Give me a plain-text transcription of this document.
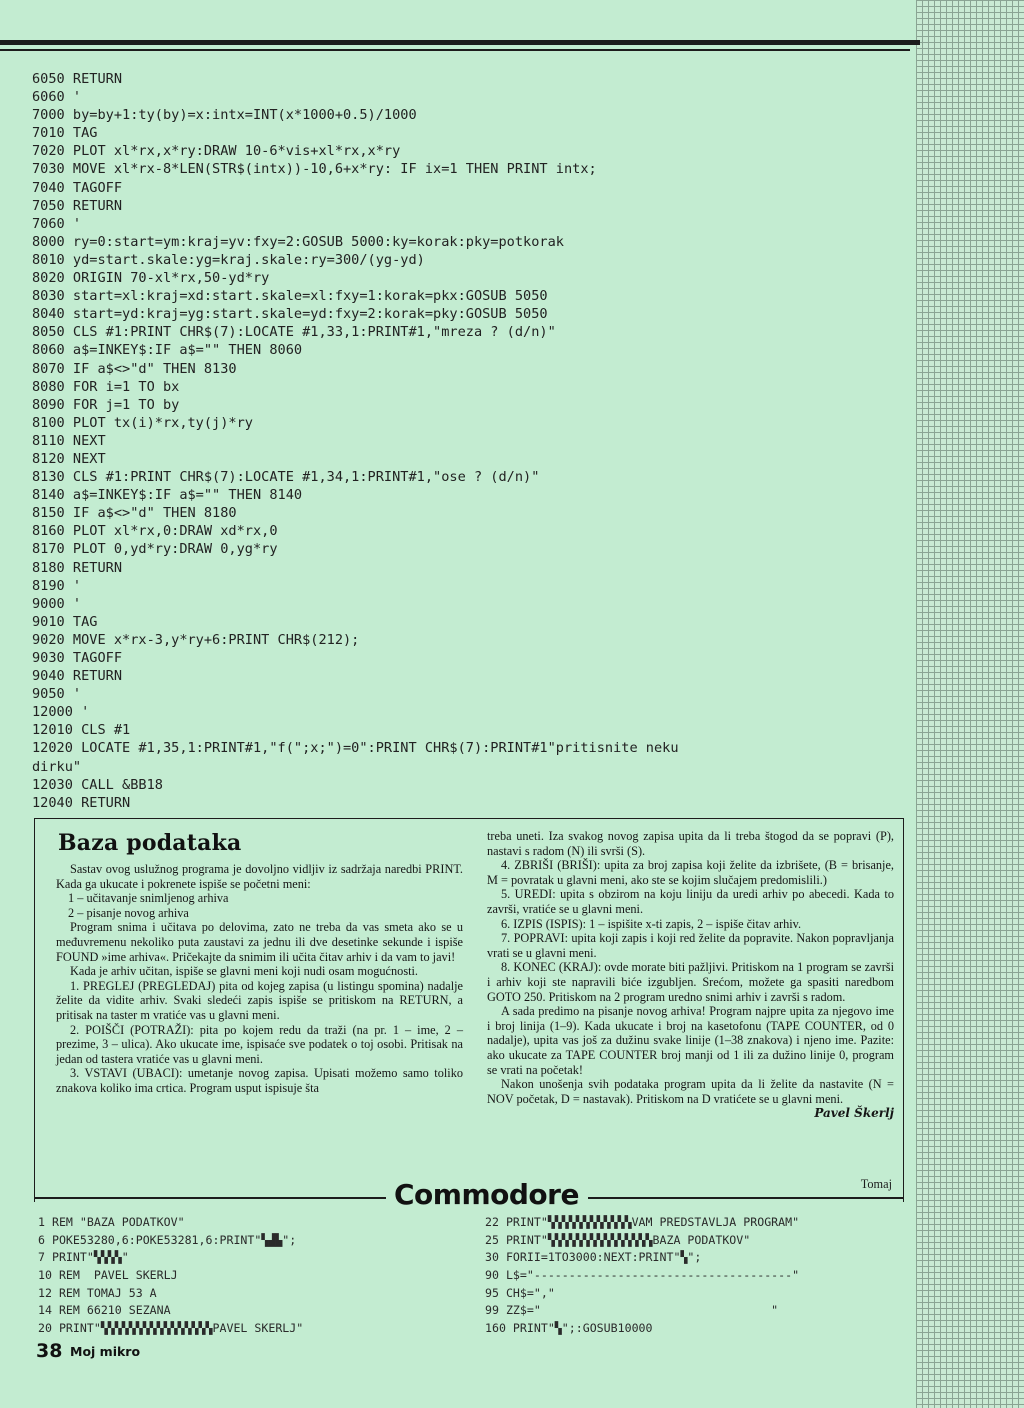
6050 RETURN
6060 '
7000 by=by+1:ty(by)=x:intx=INT(x*1000+0.5)/1000
7010 TAG
7020 PLOT xl*rx,x*ry:DRAW 10-6*vis+xl*rx,x*ry
7030 MOVE xl*rx-8*LEN(STR$(intx))-10,6+x*ry: IF ix=1 THEN PRINT intx;
7040 TAGOFF
7050 RETURN
7060 '
8000 ry=0:start=ym:kraj=yv:fxy=2:GOSUB 5000:ky=korak:pky=potkorak
8010 yd=start.skale:yg=kraj.skale:ry=300/(yg-yd)
8020 ORIGIN 70-xl*rx,50-yd*ry
8030 start=xl:kraj=xd:start.skale=xl:fxy=1:korak=pkx:GOSUB 5050
8040 start=yd:kraj=yg:start.skale=yd:fxy=2:korak=pky:GOSUB 5050
8050 CLS #1:PRINT CHR$(7):LOCATE #1,33,1:PRINT#1,"mreza ? (d/n)"
8060 a$=INKEY$:IF a$="" THEN 8060
8070 IF a$<>"d" THEN 8130
8080 FOR i=1 TO bx
8090 FOR j=1 TO by
8100 PLOT tx(i)*rx,ty(j)*ry
8110 NEXT
8120 NEXT
8130 CLS #1:PRINT CHR$(7):LOCATE #1,34,1:PRINT#1,"ose ? (d/n)"
8140 a$=INKEY$:IF a$="" THEN 8140
8150 IF a$<>"d" THEN 8180
8160 PLOT xl*rx,0:DRAW xd*rx,0
8170 PLOT 0,yd*ry:DRAW 0,yg*ry
8180 RETURN
8190 '
9000 '
9010 TAG
9020 MOVE x*rx-3,y*ry+6:PRINT CHR$(212);
9030 TAGOFF
9040 RETURN
9050 '
12000 '
12010 CLS #1
12020 LOCATE #1,35,1:PRINT#1,"f(";x;")=0":PRINT CHR$(7):PRINT#1"pritisnite neku
dirku"
12030 CALL &BB18
12040 RETURN
Baza podataka

Sastav ovog uslužnog programa je dovoljno vidljiv iz sadržaja naredbi PRINT. Kada ga ukucate i pokrenete ispiše se početni meni:

1 – učitavanje snimljenog arhiva

2 – pisanje novog arhiva

Program snima i učitava po delovima, zato ne treba da vas smeta ako se u međuvremenu nekoliko puta zaustavi za jednu ili dve desetinke sekunde i ispiše FOUND »ime arhiva«. Pričekajte da snimim ili učita čitav arhiv i da vam to javi!

Kada je arhiv učitan, ispiše se glavni meni koji nudi osam mogućnosti.

1. PREGLEJ (PREGLEDAJ) pita od kojeg zapisa (u listingu spomina) nadalje želite da vidite arhiv. Svaki sledeći zapis ispiše se pritiskom na RETURN, a pritisak na taster m vratiće vas u glavni meni.

2. POIŠČI (POTRAŽI): pita po kojem redu da traži (na pr. 1 – ime, 2 – prezime, 3 – ulica). Ako ukucate ime, ispisaće sve podatek o toj osobi. Pritisak na jedan od tastera vratiće vas u glavni meni.

3. VSTAVI (UBACI): umetanje novog zapisa. Upisati možemo samo toliko znakova koliko ima crtica. Program usput ispisuje šta

treba uneti. Iza svakog novog zapisa upita da li treba štogod da se popravi (P), nastavi s radom (N) ili svrši (S).

4. ZBRIŠI (BRIŠI): upita za broj zapisa koji želite da izbrišete, (B = brisanje, M = povratak u glavni meni, ako ste se kojim slučajem predomislili.)

5. UREDI: upita s obzirom na koju liniju da uredi arhiv po abecedi. Kada to završi, vratiće se u glavni meni.

6. IZPIS (ISPIS): 1 – ispišite x-ti zapis, 2 – ispiše čitav arhiv.

7. POPRAVI: upita koji zapis i koji red želite da popravite. Nakon popravljanja vrati se u glavni meni.

8. KONEC (KRAJ): ovde morate biti pažljivi. Pritiskom na 1 program se završi i arhiv koji ste napravili biće izgubljen. Srećom, možete ga spasiti naredbom GOTO 250. Pritiskom na 2 program uredno snimi arhiv i završi s radom.

A sada predimo na pisanje novog arhiva! Program najpre upita za njegovo ime i broj linija (1–9). Kada ukucate i broj na kasetofonu (TAPE COUNTER, od 0 nadalje), upita vas još za dužinu svake linije (1–38 znakova) i njeno ime. Pazite: ako ukucate za TAPE COUNTER broj manji od 1 ili za dužino linije 0, program se vrati na početak!

Nakon unošenja svih podataka program upita da li želite da nastavite (N = NOV početak, D = nastavak). Pritiskom na D vratićete se u glavni meni.

Pavel Škerlj

Tomaj
Commodore
1 REM "BAZA PODATKOV"
6 POKE53280,6:POKE53281,6:PRINT"▚▟▙";
7 PRINT"▚▚▚▚"
10 REM  PAVEL SKERLJ
12 REM TOMAJ 53 A
14 REM 66210 SEZANA
20 PRINT"▚▚▚▚▚▚▚▚▚▚▚▚▚▚▚▚PAVEL SKERLJ"
22 PRINT"▚▚▚▚▚▚▚▚▚▚▚▚VAM PREDSTAVLJA PROGRAM"
25 PRINT"▚▚▚▚▚▚▚▚▚▚▚▚▚▚▚BAZA PODATKOV"
30 FORII=1TO3000:NEXT:PRINT"▚";
90 L$="-------------------------------------"
95 CH$=","
99 ZZ$="                                 "
160 PRINT"▚";:GOSUB10000
38 Moj mikro
